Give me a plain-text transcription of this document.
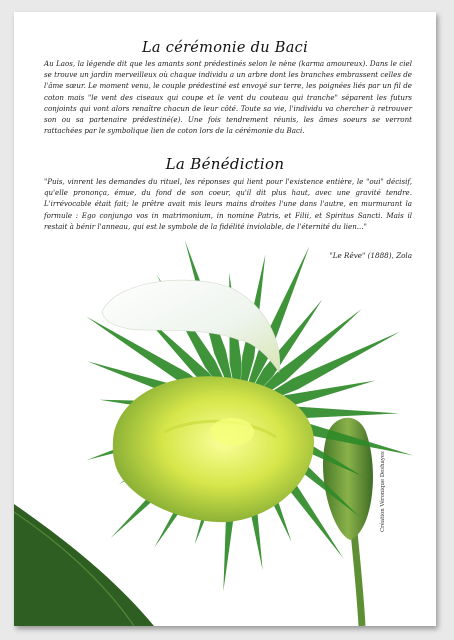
La cérémonie du Baci

Au Laos, la légende dit que les amants sont prédestinés selon le nène (karma amoureux). Dans le ciel se trouve un jardin merveilleux où chaque individu a un arbre dont les branches embrassent celles de l'âme sœur. Le moment venu, le couple prédestiné est envoyé sur terre, les poignées liés par un fil de coton mais "le vent des ciseaux qui coupe et le vent du couteau qui tranche" séparent les futurs conjoints qui vont alors renaître chacun de leur côté. Toute sa vie, l'individu va chercher à retrouver son ou sa partenaire prédestiné(e). Une fois tendrement réunis, les âmes soeurs se verront rattachées par le symbolique lien de coton lors de la cérémonie du Baci.

La Bénédiction

"Puis, vinrent les demandes du rituel, les réponses qui lient pour l'existence entière, le "oui" décisif, qu'elle prononça, émue, du fond de son coeur, qu'il dit plus haut, avec une gravité tendre. L'irrévocable était fait; le prêtre avait mis leurs mains droites l'une dans l'autre, en murmurant la formule : Ego conjungo vos in matrimonium, in nomine Patris, et Filii, et Spiritus Sancti. Mais il restait à bénir l'anneau, qui est le symbole de la fidélité inviolable, de l'éternité du lien..."

"Le Rêve" (1888), Zola
Création Véronique Deshayes
